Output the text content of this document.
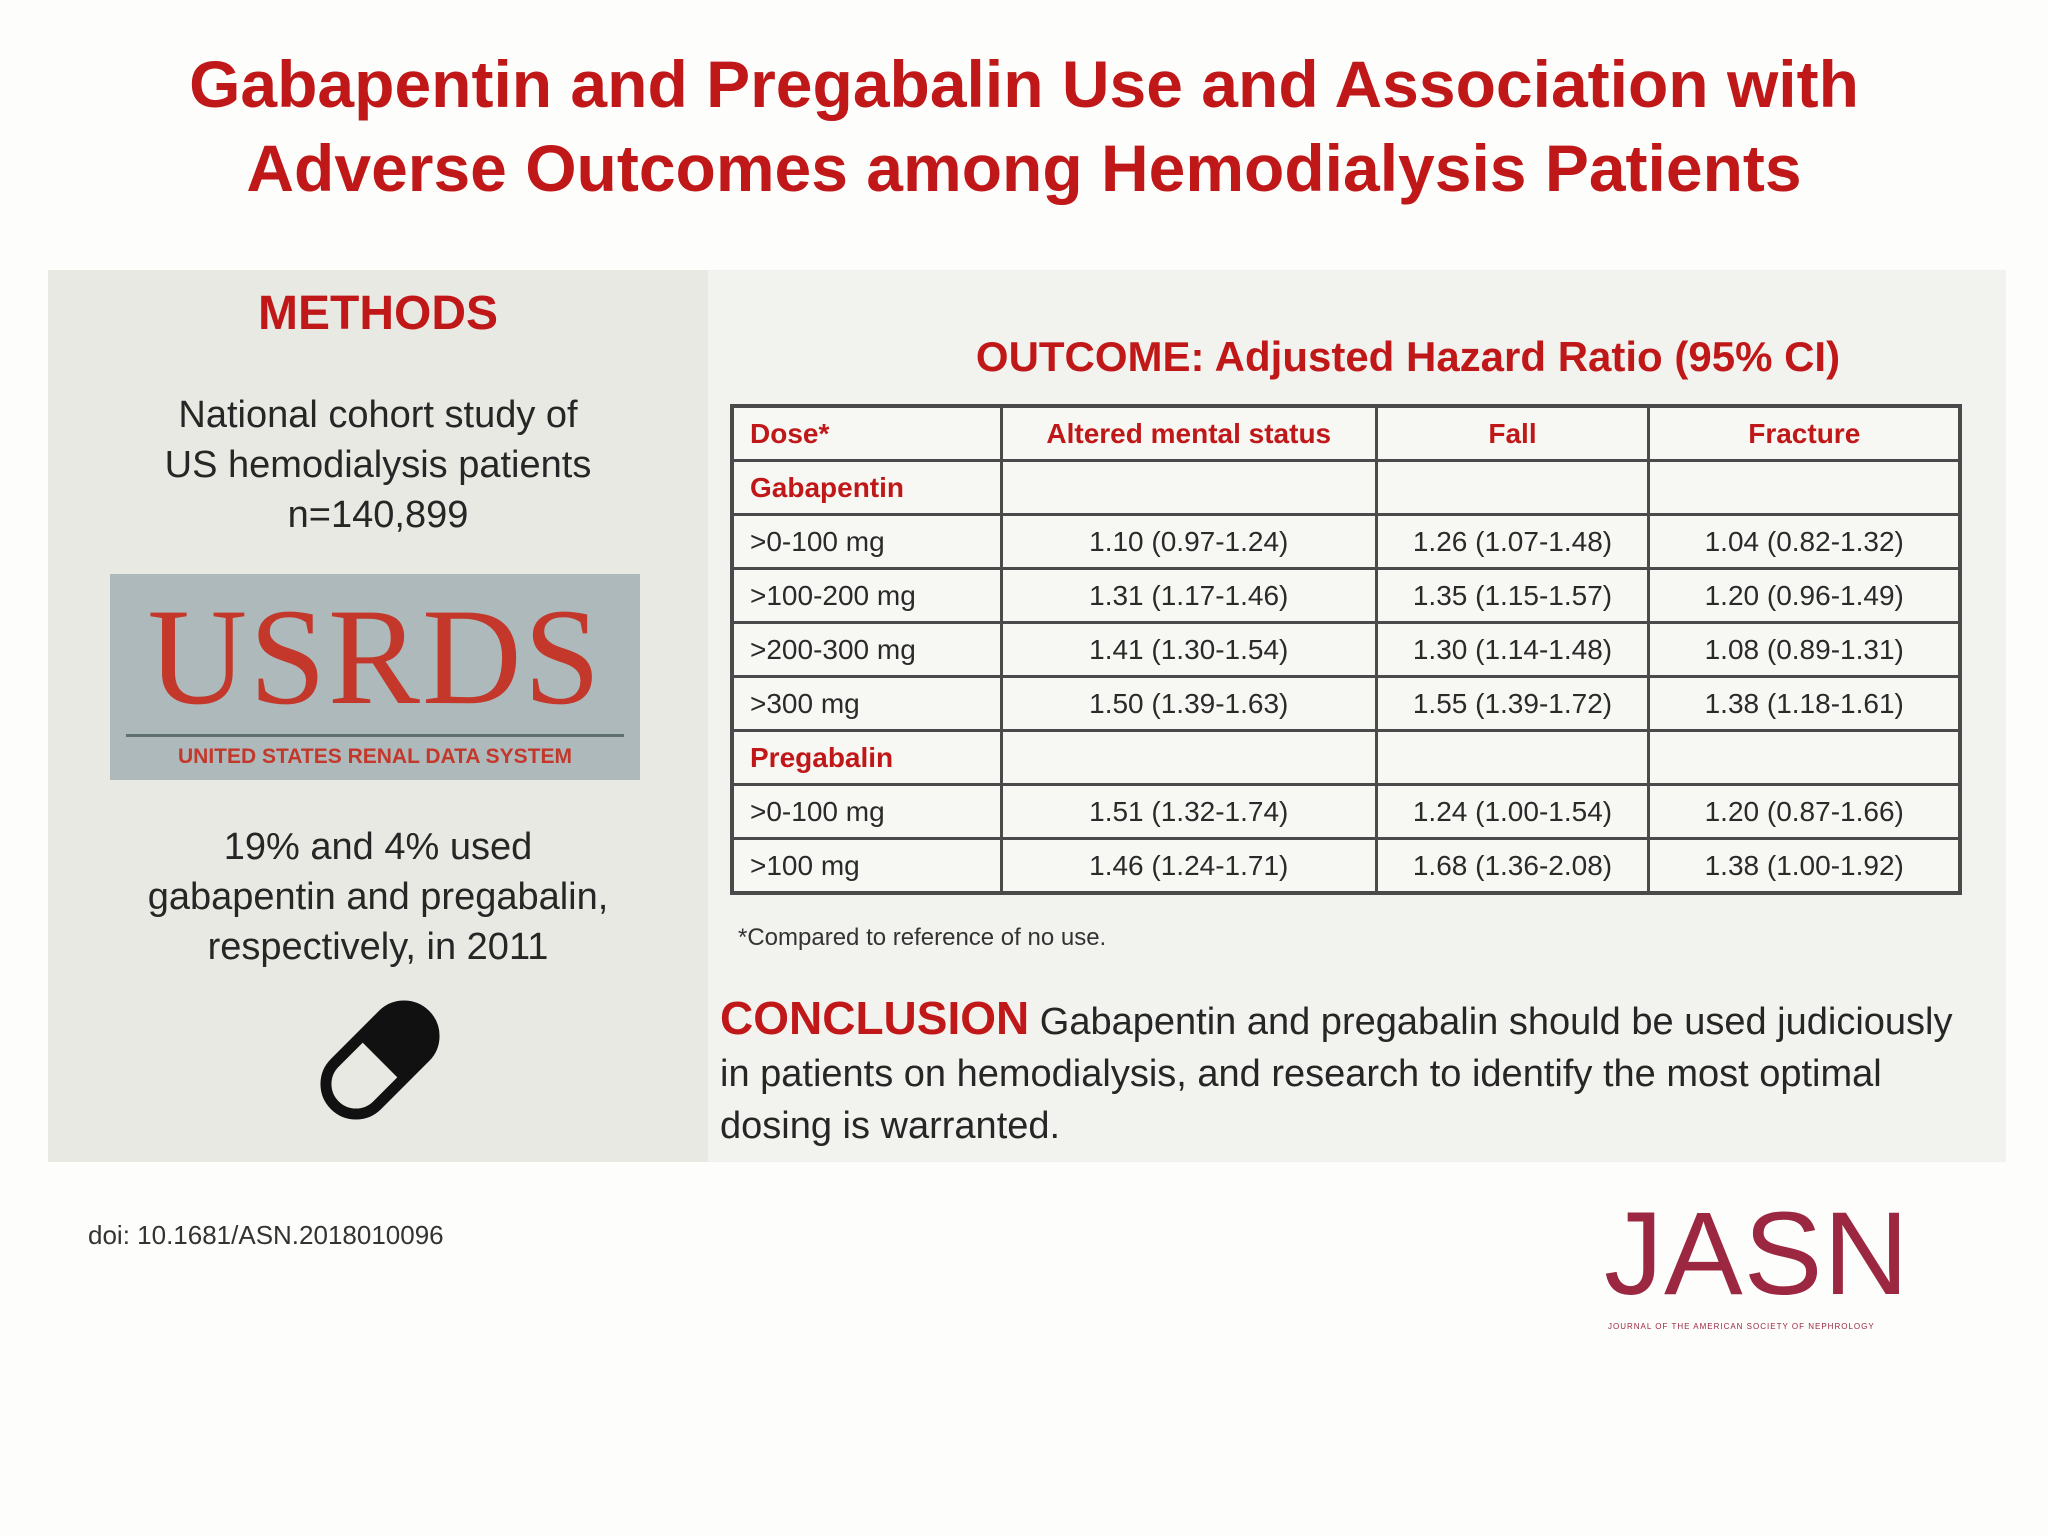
Gabapentin and Pregabalin Use and Association with
Adverse Outcomes among Hemodialysis Patients
METHODS
National cohort study of
US hemodialysis patients
n=140,899
USRDS
UNITED STATES RENAL DATA SYSTEM
19% and 4% used
gabapentin and pregabalin,
respectively, in 2011
OUTCOME: Adjusted Hazard Ratio (95% CI)
Dose*	Altered mental status	Fall	Fracture
Gabapentin			
>0-100 mg	1.10 (0.97-1.24)	1.26 (1.07-1.48)	1.04 (0.82-1.32)
>100-200 mg	1.31 (1.17-1.46)	1.35 (1.15-1.57)	1.20 (0.96-1.49)
>200-300 mg	1.41 (1.30-1.54)	1.30 (1.14-1.48)	1.08 (0.89-1.31)
>300 mg	1.50 (1.39-1.63)	1.55 (1.39-1.72)	1.38 (1.18-1.61)
Pregabalin			
>0-100 mg	1.51 (1.32-1.74)	1.24 (1.00-1.54)	1.20 (0.87-1.66)
>100 mg	1.46 (1.24-1.71)	1.68 (1.36-2.08)	1.38 (1.00-1.92)
*Compared to reference of no use.
CONCLUSION Gabapentin and pregabalin should be used judiciously in patients on hemodialysis, and research to identify the most optimal dosing is warranted.
doi: 10.1681/ASN.2018010096	JASN
JOURNAL OF THE AMERICAN SOCIETY OF NEPHROLOGY
